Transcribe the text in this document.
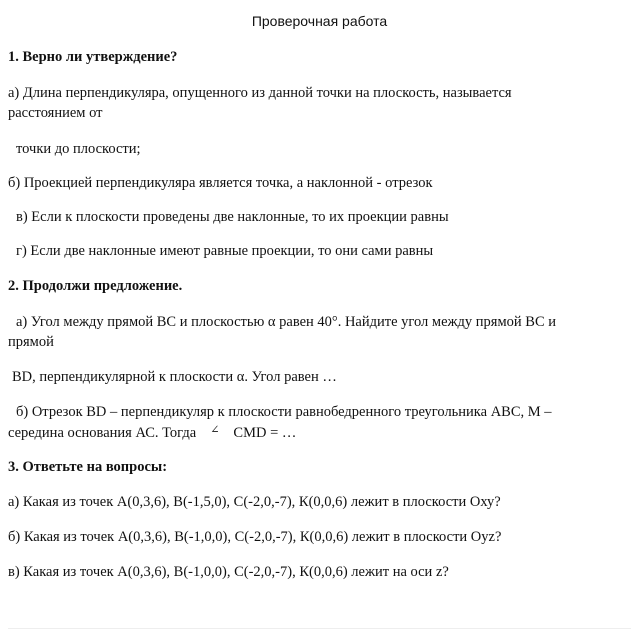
Проверочная работа
1. Верно ли утверждение?
а) Длина перпендикуляра, опущенного из данной точки на плоскость, называется
расстоянием от
точки до плоскости;
б) Проекцией перпендикуляра является точка, а наклонной - отрезок
в) Если к плоскости проведены две наклонные, то их проекции равны
г) Если две наклонные имеют равные проекции, то они сами равны
2. Продолжи предложение.
а) Угол между прямой ВС и плоскостью α равен 40°. Найдите угол между прямой ВС и
прямой
BD, перпендикулярной к плоскости α. Угол равен …
б) Отрезок ВD – перпендикуляр к плоскости равнобедренного треугольника АВС, М –
середина основания АС. Тогда ∠ CMD = …
3. Ответьте на вопросы:
а) Какая из точек А(0,3,6), В(-1,5,0), С(-2,0,-7), К(0,0,6) лежит в плоскости Оху?
б) Какая из точек А(0,3,6), В(-1,0,0), С(-2,0,-7), К(0,0,6) лежит в плоскости Оуz?
в) Какая из точек А(0,3,6), В(-1,0,0), С(-2,0,-7), К(0,0,6) лежит на оси z?
